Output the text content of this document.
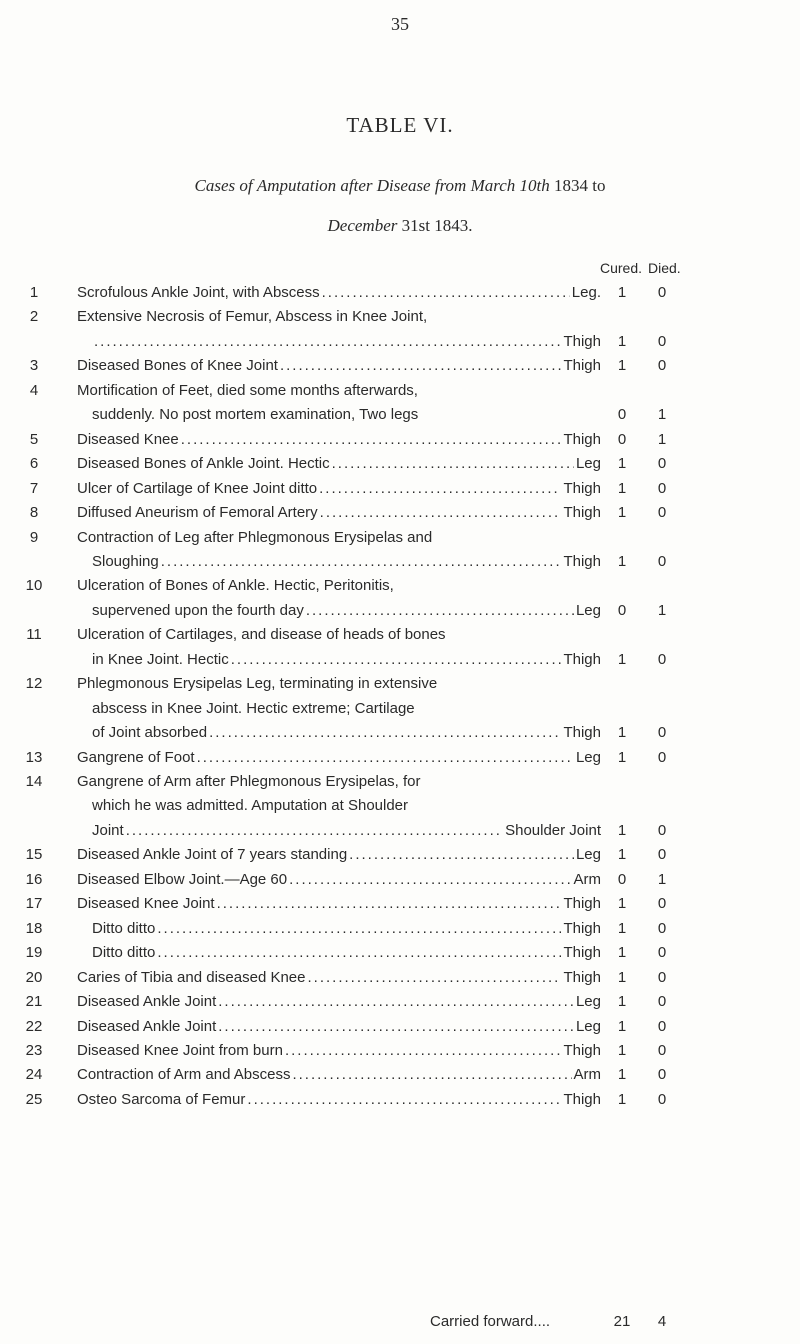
35
TABLE VI.
Cases of Amputation after Disease from March 10th 1834 to
December 31st 1843.
Cured. Died.
1	Scrofulous Ankle Joint, with Abscess .....	Leg.	1	0
2	Extensive Necrosis of Femur, Abscess in Knee Joint,
.....
Thigh	1	0
3	Diseased Bones of Knee Joint .....	Thigh	1	0
4	Mortification of Feet, died some months afterwards,
suddenly. No post mortem examination, Two legs	0	1
5	Diseased Knee .....	Thigh	0	1
6	Diseased Bones of Ankle Joint. Hectic .....	Leg	1	0
7	Ulcer of Cartilage of Knee Joint ditto .....	Thigh	1	0
8	Diffused Aneurism of Femoral Artery .....	Thigh	1	0
9	Contraction of Leg after Phlegmonous Erysipelas and
Sloughing .....	Thigh	1	0
10	Ulceration of Bones of Ankle. Hectic, Peritonitis,
supervened upon the fourth day .....	Leg	0	1
11	Ulceration of Cartilages, and disease of heads of bones
in Knee Joint. Hectic .....	Thigh	1	0
12	Phlegmonous Erysipelas Leg, terminating in extensive
abscess in Knee Joint. Hectic extreme; Cartilage
of Joint absorbed .....	Thigh	1	0
13	Gangrene of Foot .....	Leg	1	0
14	Gangrene of Arm after Phlegmonous Erysipelas, for
which he was admitted. Amputation at Shoulder
Joint .....	Shoulder Joint	1	0
15	Diseased Ankle Joint of 7 years standing .....	Leg	1	0
16	Diseased Elbow Joint.—Age 60 .....	Arm	0	1
17	Diseased Knee Joint .....	Thigh	1	0
18	Ditto ditto .....	Thigh	1	0
19	Ditto ditto .....	Thigh	1	0
20	Caries of Tibia and diseased Knee .....	Thigh	1	0
21	Diseased Ankle Joint .....	Leg	1	0
22	Diseased Ankle Joint .....	Leg	1	0
23	Diseased Knee Joint from burn .....	Thigh	1	0
24	Contraction of Arm and Abscess .....	Arm	1	0
25	Osteo Sarcoma of Femur .....	Thigh	1	0
Carried forward....	21	4
